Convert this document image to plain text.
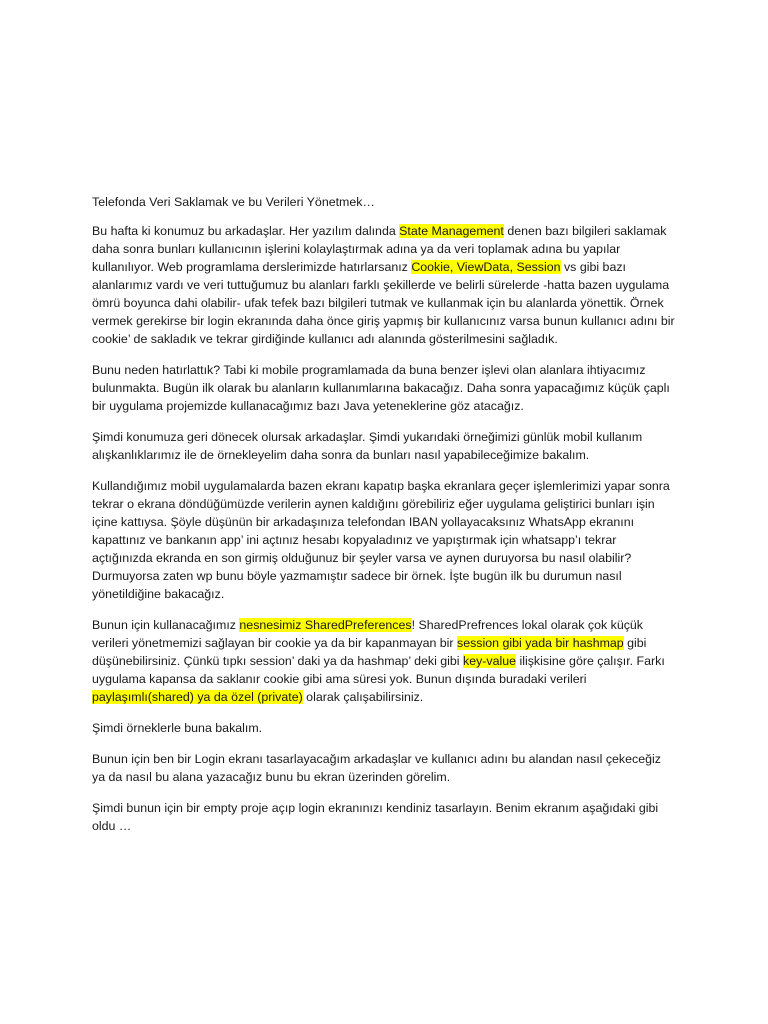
Telefonda Veri Saklamak ve bu Verileri Yönetmek…

Bu hafta ki konumuz bu arkadaşlar. Her yazılım dalında State Management denen bazı bilgileri saklamak daha sonra bunları kullanıcının işlerini kolaylaştırmak adına ya da veri toplamak adına bu yapılar kullanılıyor. Web programlama derslerimizde hatırlarsanız Cookie, ViewData, Session vs gibi bazı alanlarımız vardı ve veri tuttuğumuz bu alanları farklı şekillerde ve belirli sürelerde -hatta bazen uygulama ömrü boyunca dahi olabilir- ufak tefek bazı bilgileri tutmak ve kullanmak için bu alanlarda yönettik. Örnek vermek gerekirse bir login ekranında daha önce giriş yapmış bir kullanıcınız varsa bunun kullanıcı adını bir cookie’ de sakladık ve tekrar girdiğinde kullanıcı adı alanında gösterilmesini sağladık.

Bunu neden hatırlattık? Tabi ki mobile programlamada da buna benzer işlevi olan alanlara ihtiyacımız bulunmakta. Bugün ilk olarak bu alanların kullanımlarına bakacağız. Daha sonra yapacağımız küçük çaplı bir uygulama projemizde kullanacağımız bazı Java yeteneklerine göz atacağız.

Şimdi konumuza geri dönecek olursak arkadaşlar. Şimdi yukarıdaki örneğimizi günlük mobil kullanım alışkanlıklarımız ile de örnekleyelim daha sonra da bunları nasıl yapabileceğimize bakalım.

Kullandığımız mobil uygulamalarda bazen ekranı kapatıp başka ekranlara geçer işlemlerimizi yapar sonra tekrar o ekrana döndüğümüzde verilerin aynen kaldığını görebiliriz eğer uygulama geliştirici bunları işin içine kattıysa. Şöyle düşünün bir arkadaşınıza telefondan IBAN yollayacaksınız WhatsApp ekranını kapattınız ve bankanın app’ ini açtınız hesabı kopyaladınız ve yapıştırmak için whatsapp’ı tekrar açtığınızda ekranda en son girmiş olduğunuz bir şeyler varsa ve aynen duruyorsa bu nasıl olabilir? Durmuyorsa zaten wp bunu böyle yazmamıştır sadece bir örnek. İşte bugün ilk bu durumun nasıl yönetildiğine bakacağız.

Bunun için kullanacağımız nesnesimiz SharedPreferences! SharedPrefrences lokal olarak çok küçük verileri yönetmemizi sağlayan bir cookie ya da bir kapanmayan bir session gibi yada bir hashmap gibi düşünebilirsiniz. Çünkü tıpkı session’ daki ya da hashmap’ deki gibi key-value ilişkisine göre çalışır. Farkı uygulama kapansa da saklanır cookie gibi ama süresi yok. Bunun dışında buradaki verileri paylaşımlı(shared) ya da özel (private) olarak çalışabilirsiniz.

Şimdi örneklerle buna bakalım.

Bunun için ben bir Login ekranı tasarlayacağım arkadaşlar ve kullanıcı adını bu alandan nasıl çekeceğiz ya da nasıl bu alana yazacağız bunu bu ekran üzerinden görelim.

Şimdi bunun için bir empty proje açıp login ekranınızı kendiniz tasarlayın. Benim ekranım aşağıdaki gibi oldu …
